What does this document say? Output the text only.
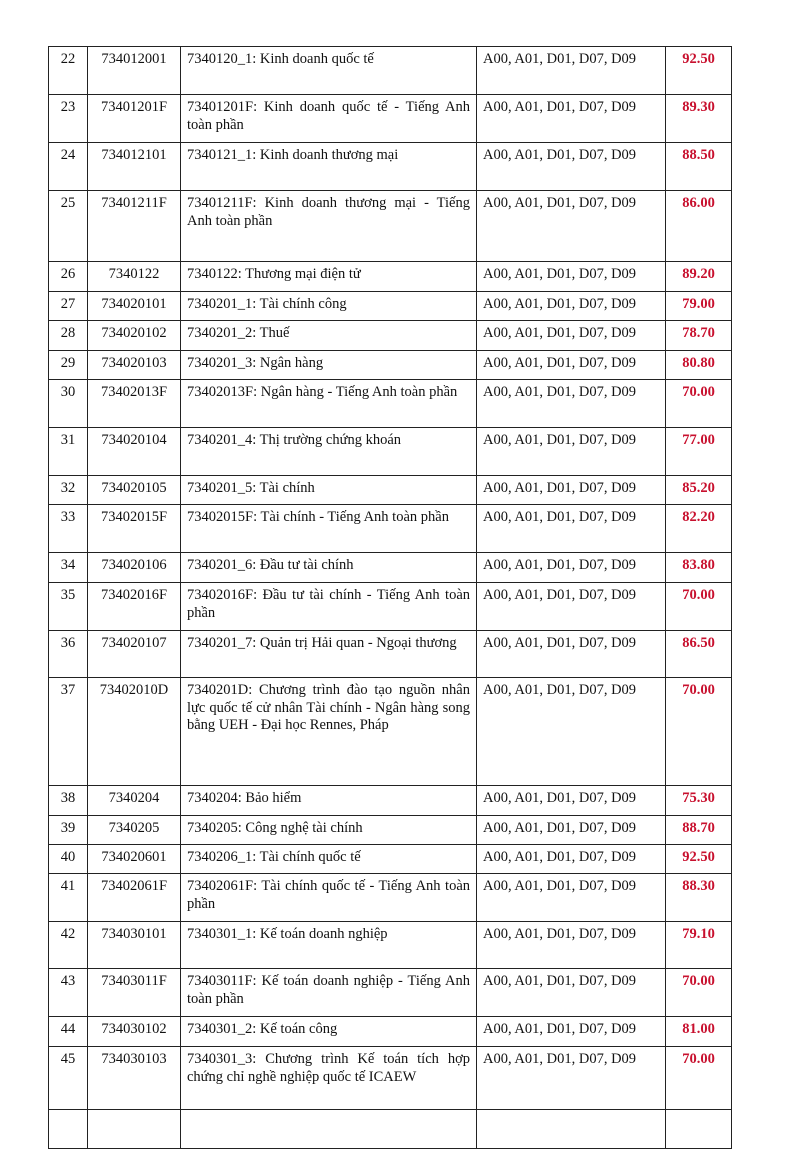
22	734012001	7340120_1: Kinh doanh quốc tế	A00, A01, D01, D07, D09	92.50
23	73401201F	73401201F: Kinh doanh quốc tế - Tiếng Anh toàn phần	A00, A01, D01, D07, D09	89.30
24	734012101	7340121_1: Kinh doanh thương mại	A00, A01, D01, D07, D09	88.50
25	73401211F	73401211F: Kinh doanh thương mại - Tiếng Anh toàn phần	A00, A01, D01, D07, D09	86.00
26	7340122	7340122: Thương mại điện tử	A00, A01, D01, D07, D09	89.20
27	734020101	7340201_1: Tài chính công	A00, A01, D01, D07, D09	79.00
28	734020102	7340201_2: Thuế	A00, A01, D01, D07, D09	78.70
29	734020103	7340201_3: Ngân hàng	A00, A01, D01, D07, D09	80.80
30	73402013F	73402013F: Ngân hàng - Tiếng Anh toàn phần	A00, A01, D01, D07, D09	70.00
31	734020104	7340201_4: Thị trường chứng khoán	A00, A01, D01, D07, D09	77.00
32	734020105	7340201_5: Tài chính	A00, A01, D01, D07, D09	85.20
33	73402015F	73402015F: Tài chính - Tiếng Anh toàn phần	A00, A01, D01, D07, D09	82.20
34	734020106	7340201_6: Đầu tư tài chính	A00, A01, D01, D07, D09	83.80
35	73402016F	73402016F: Đầu tư tài chính - Tiếng Anh toàn phần	A00, A01, D01, D07, D09	70.00
36	734020107	7340201_7: Quản trị Hải quan - Ngoại thương	A00, A01, D01, D07, D09	86.50
37	73402010D	7340201D: Chương trình đào tạo nguồn nhân lực quốc tế cử nhân Tài chính - Ngân hàng song bằng UEH - Đại học Rennes, Pháp	A00, A01, D01, D07, D09	70.00
38	7340204	7340204: Bảo hiểm	A00, A01, D01, D07, D09	75.30
39	7340205	7340205: Công nghệ tài chính	A00, A01, D01, D07, D09	88.70
40	734020601	7340206_1: Tài chính quốc tế	A00, A01, D01, D07, D09	92.50
41	73402061F	73402061F: Tài chính quốc tế - Tiếng Anh toàn phần	A00, A01, D01, D07, D09	88.30
42	734030101	7340301_1: Kế toán doanh nghiệp	A00, A01, D01, D07, D09	79.10
43	73403011F	73403011F: Kế toán doanh nghiệp - Tiếng Anh toàn phần	A00, A01, D01, D07, D09	70.00
44	734030102	7340301_2: Kế toán công	A00, A01, D01, D07, D09	81.00
45	734030103	7340301_3: Chương trình Kế toán tích hợp chứng chỉ nghề nghiệp quốc tế ICAEW	A00, A01, D01, D07, D09	70.00
